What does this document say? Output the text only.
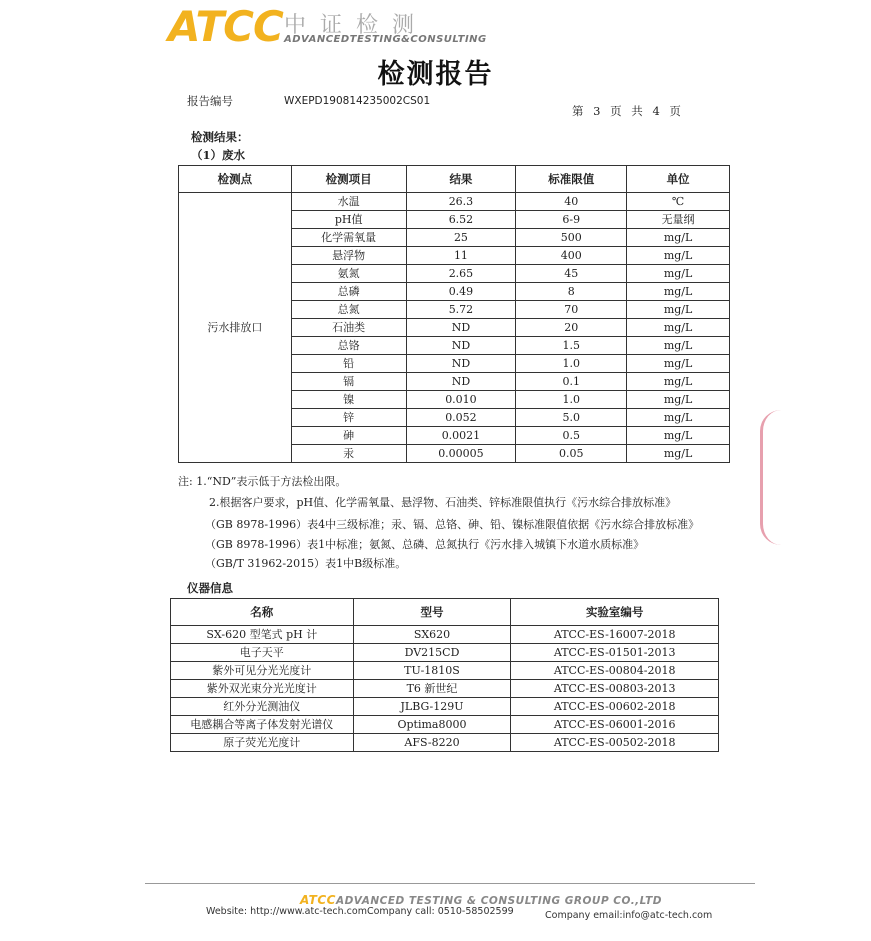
ATCC 中证检测
ADVANCEDTESTING&CONSULTING
检测报告
报告编号	WXEPD190814235002CS01
第 3 页 共 4 页
检测结果：
（1）废水
检测点	检测项目	结果	标准限值	单位
污水排放口	水温	26.3	40	℃
	pH值	6.52	6-9	无量纲
	化学需氧量	25	500	mg/L
	悬浮物	11	400	mg/L
	氨氮	2.65	45	mg/L
	总磷	0.49	8	mg/L
	总氮	5.72	70	mg/L
	石油类	ND	20	mg/L
	总铬	ND	1.5	mg/L
	铅	ND	1.0	mg/L
	镉	ND	0.1	mg/L
	镍	0.010	1.0	mg/L
	锌	0.052	5.0	mg/L
	砷	0.0021	0.5	mg/L
	汞	0.00005	0.05	mg/L
注: 1.“ND”表示低于方法检出限。
2.根据客户要求，pH值、化学需氧量、悬浮物、石油类、锌标准限值执行《污水综合排放标准》
（GB 8978-1996）表4中三级标准；汞、镉、总铬、砷、铅、镍标准限值依据《污水综合排放标准》
（GB 8978-1996）表1中标准；氨氮、总磷、总氮执行《污水排入城镇下水道水质标准》
（GB/T 31962-2015）表1中B级标准。
仪器信息
名称	型号	实验室编号
SX-620 型笔式 pH 计	SX620	ATCC-ES-16007-2018
电子天平	DV215CD	ATCC-ES-01501-2013
紫外可见分光光度计	TU-1810S	ATCC-ES-00804-2018
紫外双光束分光光度计	T6 新世纪	ATCC-ES-00803-2013
红外分光测油仪	JLBG-129U	ATCC-ES-00602-2018
电感耦合等离子体发射光谱仪	Optima8000	ATCC-ES-06001-2016
原子荧光光度计	AFS-8220	ATCC-ES-00502-2018
ATCCADVANCED TESTING & CONSULTING GROUP CO.,LTD
Website: http://www.atc-tech.comCompany call: 0510-58502599	Company email:info@atc-tech.com
